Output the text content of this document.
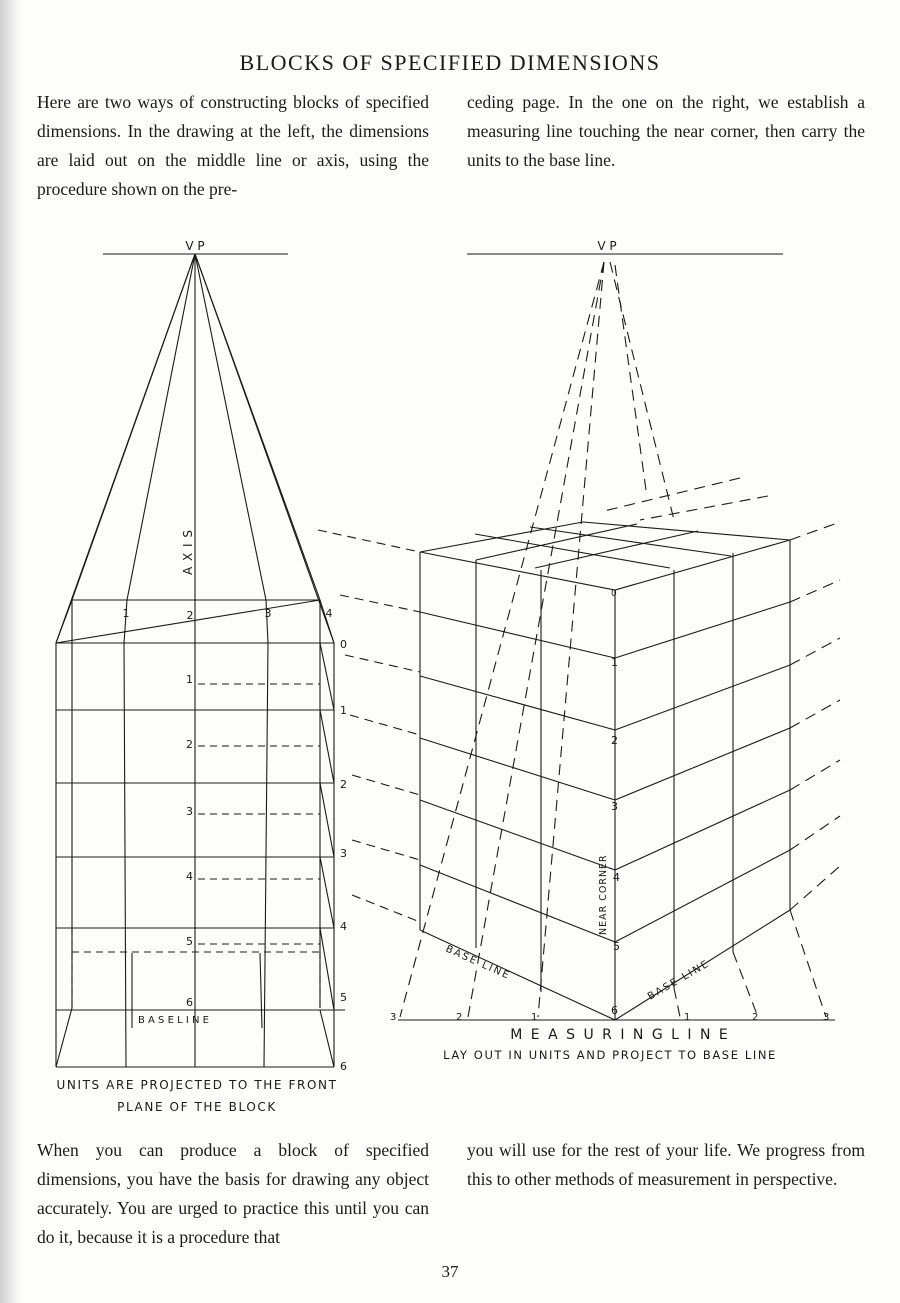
BLOCKS OF SPECIFIED DIMENSIONS
Here are two ways of constructing blocks of specified dimensions. In the drawing at the left, the dimensions are laid out on the middle line or axis, using the procedure shown on the pre-
ceding page. In the one on the right, we establish a measuring line touching the near corner, then carry the units to the base line.
V P
A X I S
1	2	3	4
1
2
3
4
5
6
0
1
2
3
4
5
6
B A S E L I N E
V P
NEAR CORNER
BASE LINE	BASE LINE
0
1
2
3
4
5
6
3	2	1	1	2	3
UNITS ARE PROJECTED TO THE FRONT
PLANE OF THE BLOCK
M E A S U R I N G L I N E
LAY OUT IN UNITS AND PROJECT TO BASE LINE
When you can produce a block of specified dimensions, you have the basis for drawing any object accurately. You are urged to practice this until you can do it, because it is a procedure that
you will use for the rest of your life. We progress from this to other methods of measurement in perspective.
37
